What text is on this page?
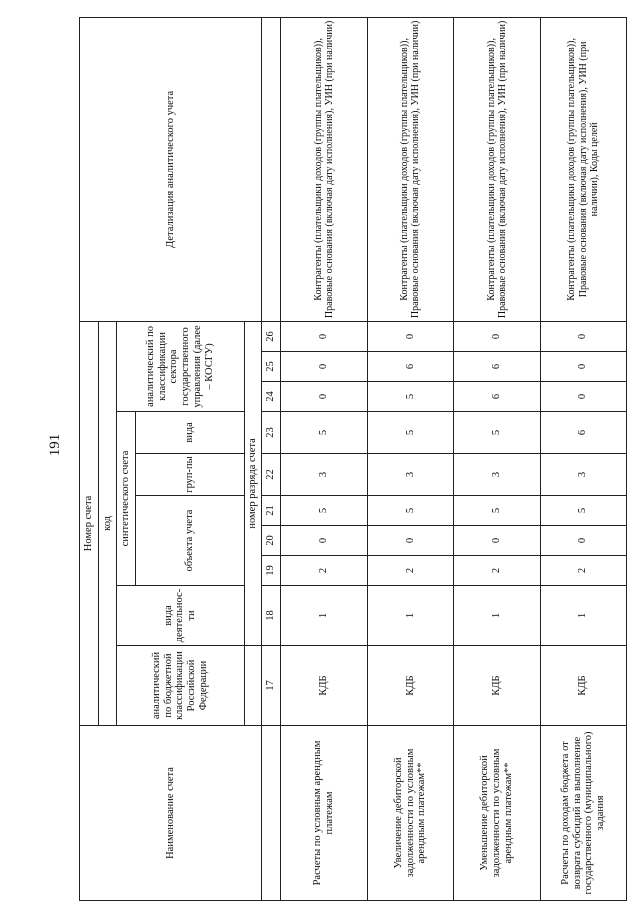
191
Наименование счета	Номер счета										Детализация аналитического учета
	код										
	аналитический по бюджетной классификации Российской Федерации	вида деятельнос-ти	синтетического счета					аналитический по классификации сектора государственного управления (далее – КОСГУ)			
			объекта учета			груп-пы	вида				
		номер разряда счета									
	17	18	19	20	21	22	23	24	25	26	
Расчеты по условным арендным платежам	КДБ	1	2	0	5	3	5	0	0	0	Контрагенты (плательщики доходов (группы плательщиков)), Правовые основания (включая дату исполнения), УИН (при наличии)
Увеличение дебиторской задолженности по условным арендным платежам**	КДБ	1	2	0	5	3	5	5	6	0	Контрагенты (плательщики доходов (группы плательщиков)), Правовые основания (включая дату исполнения), УИН (при наличии)
Уменьшение дебиторской задолженности по условным арендным платежам**	КДБ	1	2	0	5	3	5	6	6	0	Контрагенты (плательщики доходов (группы плательщиков)), Правовые основания (включая дату исполнения), УИН (при наличии)
Расчеты по доходам бюджета от возврата субсидий на выполнение государственного (муниципального) задания	КДБ	1	2	0	5	3	6	0	0	0	Контрагенты (плательщики доходов (группы плательщиков)), Правовые основания (включая дату исполнения), УИН (при наличии), Коды целей
